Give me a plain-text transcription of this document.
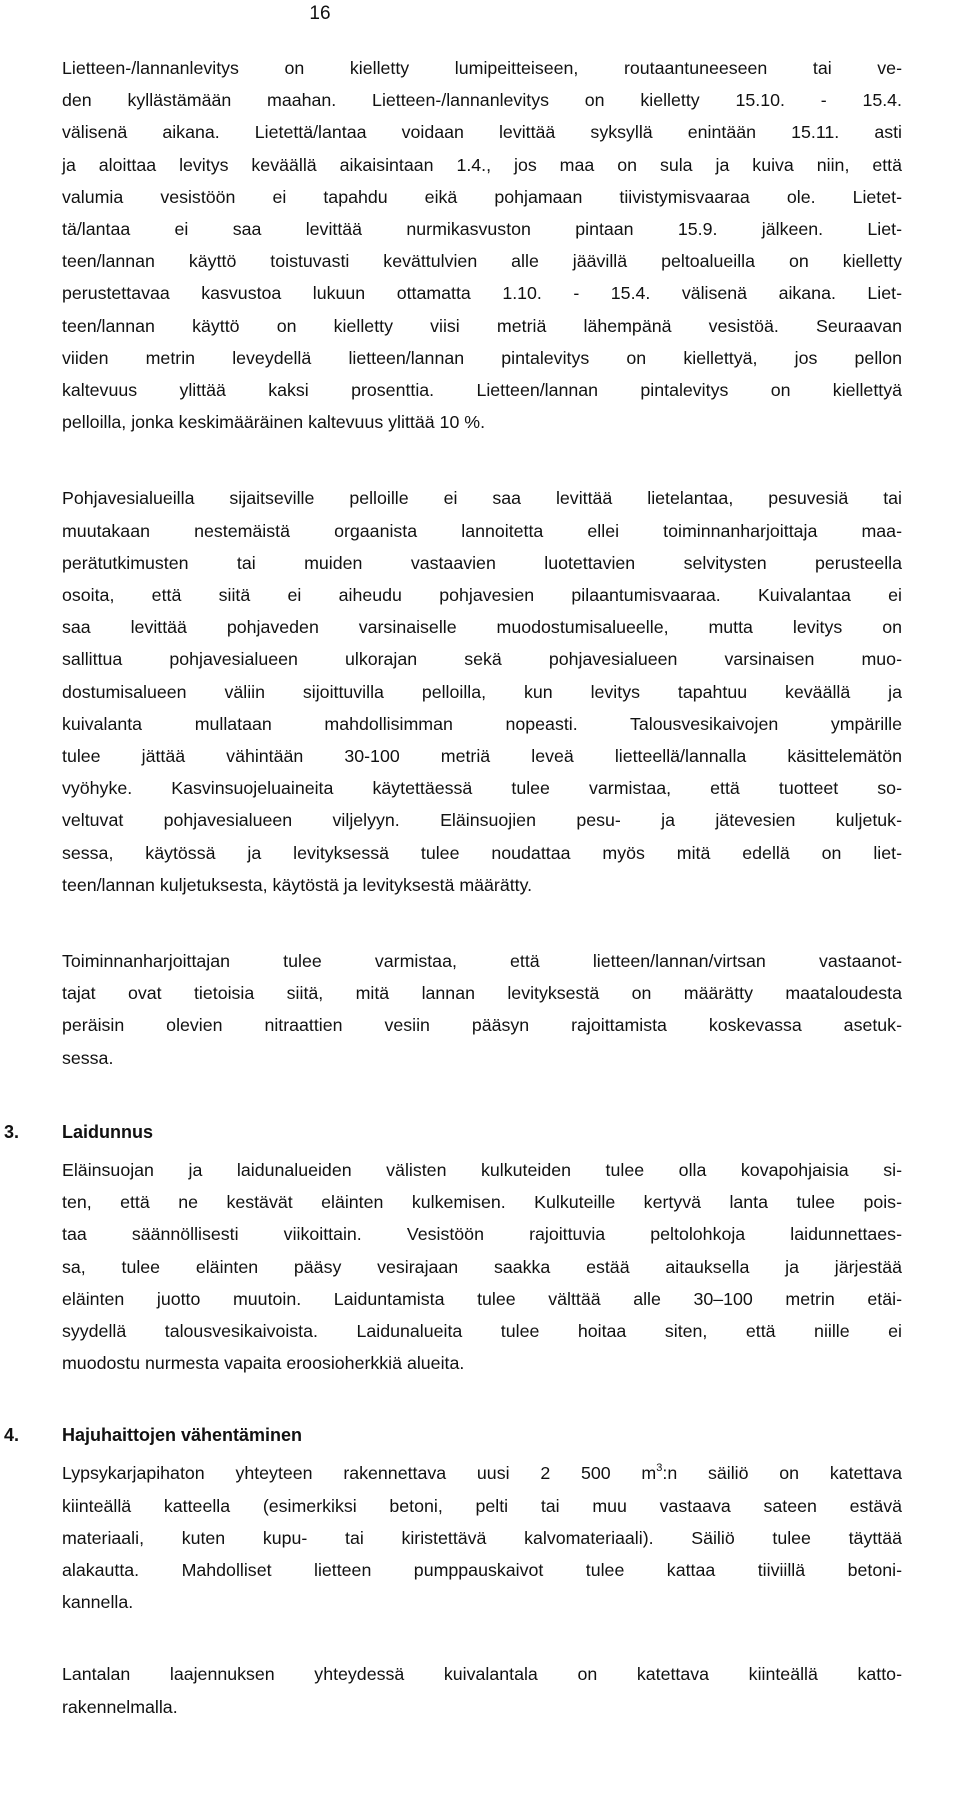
16

Lietteen-/lannanlevitys on kielletty lumipeitteiseen, routaantuneeseen tai ve-
den kyllästämään maahan. Lietteen-/lannanlevitys on kielletty 15.10. - 15.4.
välisenä aikana. Lietettä/lantaa voidaan levittää syksyllä enintään 15.11. asti
ja aloittaa levitys keväällä aikaisintaan 1.4., jos maa on sula ja kuiva niin, että
valumia vesistöön ei tapahdu eikä pohjamaan tiivistymisvaaraa ole. Lietet-
tä/lantaa ei saa levittää nurmikasvuston pintaan 15.9. jälkeen. Liet-
teen/lannan käyttö toistuvasti kevättulvien alle jäävillä peltoalueilla on kielletty
perustettavaa kasvustoa lukuun ottamatta 1.10. - 15.4. välisenä aikana. Liet-
teen/lannan käyttö on kielletty viisi metriä lähempänä vesistöä. Seuraavan
viiden metrin leveydellä lietteen/lannan pintalevitys on kiellettyä, jos pellon
kaltevuus ylittää kaksi prosenttia. Lietteen/lannan pintalevitys on kiellettyä
pelloilla, jonka keskimääräinen kaltevuus ylittää 10 %.

Pohjavesialueilla sijaitseville pelloille ei saa levittää lietelantaa, pesuvesiä tai
muutakaan nestemäistä orgaanista lannoitetta ellei toiminnanharjoittaja maa-
perätutkimusten tai muiden vastaavien luotettavien selvitysten perusteella
osoita, että siitä ei aiheudu pohjavesien pilaantumisvaaraa. Kuivalantaa ei
saa levittää pohjaveden varsinaiselle muodostumisalueelle, mutta levitys on
sallittua pohjavesialueen ulkorajan sekä pohjavesialueen varsinaisen muo-
dostumisalueen väliin sijoittuvilla pelloilla, kun levitys tapahtuu keväällä ja
kuivalanta mullataan mahdollisimman nopeasti. Talousvesikaivojen ympärille
tulee jättää vähintään 30-100 metriä leveä lietteellä/lannalla käsittelemätön
vyöhyke. Kasvinsuojeluaineita käytettäessä tulee varmistaa, että tuotteet so-
veltuvat pohjavesialueen viljelyyn. Eläinsuojien pesu- ja jätevesien kuljetuk-
sessa, käytössä ja levityksessä tulee noudattaa myös mitä edellä on liet-
teen/lannan kuljetuksesta, käytöstä ja levityksestä määrätty.

Toiminnanharjoittajan tulee varmistaa, että lietteen/lannan/virtsan vastaanot-
tajat ovat tietoisia siitä, mitä lannan levityksestä on määrätty maataloudesta
peräisin olevien nitraattien vesiin pääsyn rajoittamista koskevassa asetuk-
sessa.

3. Laidunnus

Eläinsuojan ja laidunalueiden välisten kulkuteiden tulee olla kovapohjaisia si-
ten, että ne kestävät eläinten kulkemisen. Kulkuteille kertyvä lanta tulee pois-
taa säännöllisesti viikoittain. Vesistöön rajoittuvia peltolohkoja laidunnettaes-
sa, tulee eläinten pääsy vesirajaan saakka estää aitauksella ja järjestää
eläinten juotto muutoin. Laiduntamista tulee välttää alle 30–100 metrin etäi-
syydellä talousvesikaivoista. Laidunalueita tulee hoitaa siten, että niille ei
muodostu nurmesta vapaita eroosioherkkiä alueita.

4. Hajuhaittojen vähentäminen

Lypsykarjapihaton yhteyteen rakennettava uusi 2 500 $m^3:n$ säiliö on katettava
kiinteällä katteella (esimerkiksi betoni, pelti tai muu vastaava sateen estävä
materiaali, kuten kupu- tai kiristettävä kalvomateriaali). Säiliö tulee täyttää
alakautta. Mahdolliset lietteen pumppauskaivot tulee kattaa tiiviillä betoni-
kannella.

Lantalan laajennuksen yhteydessä kuivalantala on katettava kiinteällä katto-
rakennelmalla.
